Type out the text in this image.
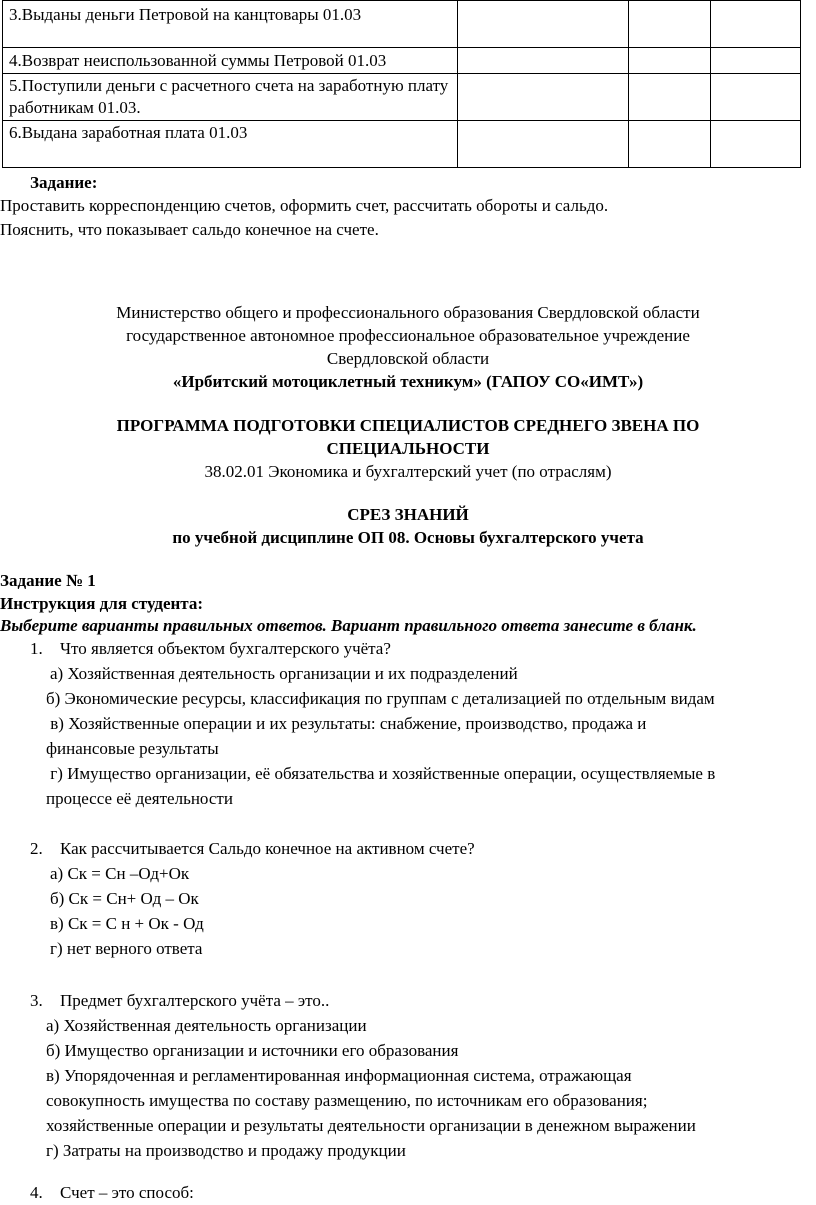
3.Выданы деньги Петровой на канцтовары 01.03			
4.Возврат неиспользованной суммы Петровой 01.03			
5.Поступили деньги с расчетного счета на заработную плату работникам 01.03.			
6.Выдана заработная плата 01.03			
Задание:
Проставить корреспонденцию счетов, оформить счет, рассчитать обороты и сальдо.
Пояснить, что показывает сальдо конечное на счете.
Министерство общего и профессионального образования Свердловской области
государственное автономное профессиональное образовательное учреждение
Свердловской области
«Ирбитский мотоциклетный техникум» (ГАПОУ СО«ИМТ»)
ПРОГРАММА ПОДГОТОВКИ СПЕЦИАЛИСТОВ СРЕДНЕГО ЗВЕНА ПО
СПЕЦИАЛЬНОСТИ
38.02.01 Экономика и бухгалтерский учет (по отраслям)
СРЕЗ ЗНАНИЙ
по учебной дисциплине ОП 08. Основы бухгалтерского учета
Задание № 1
Инструкция для студента:
Выберите варианты правильных ответов. Вариант правильного ответа занесите в бланк.
1. Что является объектом бухгалтерского учёта?
а) Хозяйственная деятельность организации и их подразделений
б) Экономические ресурсы, классификация по группам с детализацией по отдельным видам
в) Хозяйственные операции и их результаты: снабжение, производство, продажа и
финансовые результаты
г) Имущество организации, её обязательства и хозяйственные операции, осуществляемые в
процессе её деятельности
2. Как рассчитывается Сальдо конечное на активном счете?
а) Ск = Сн –Од+Ок
б) Ск = Сн+ Од – Ок
в) Ск = С н + Ок - Од
г) нет верного ответа
3. Предмет бухгалтерского учёта – это..
а) Хозяйственная деятельность организации
б) Имущество организации и источники его образования
в) Упорядоченная и регламентированная информационная система, отражающая
совокупность имущества по составу размещению, по источникам его образования;
хозяйственные операции и результаты деятельности организации в денежном выражении
г) Затраты на производство и продажу продукции
4. Счет – это способ:
